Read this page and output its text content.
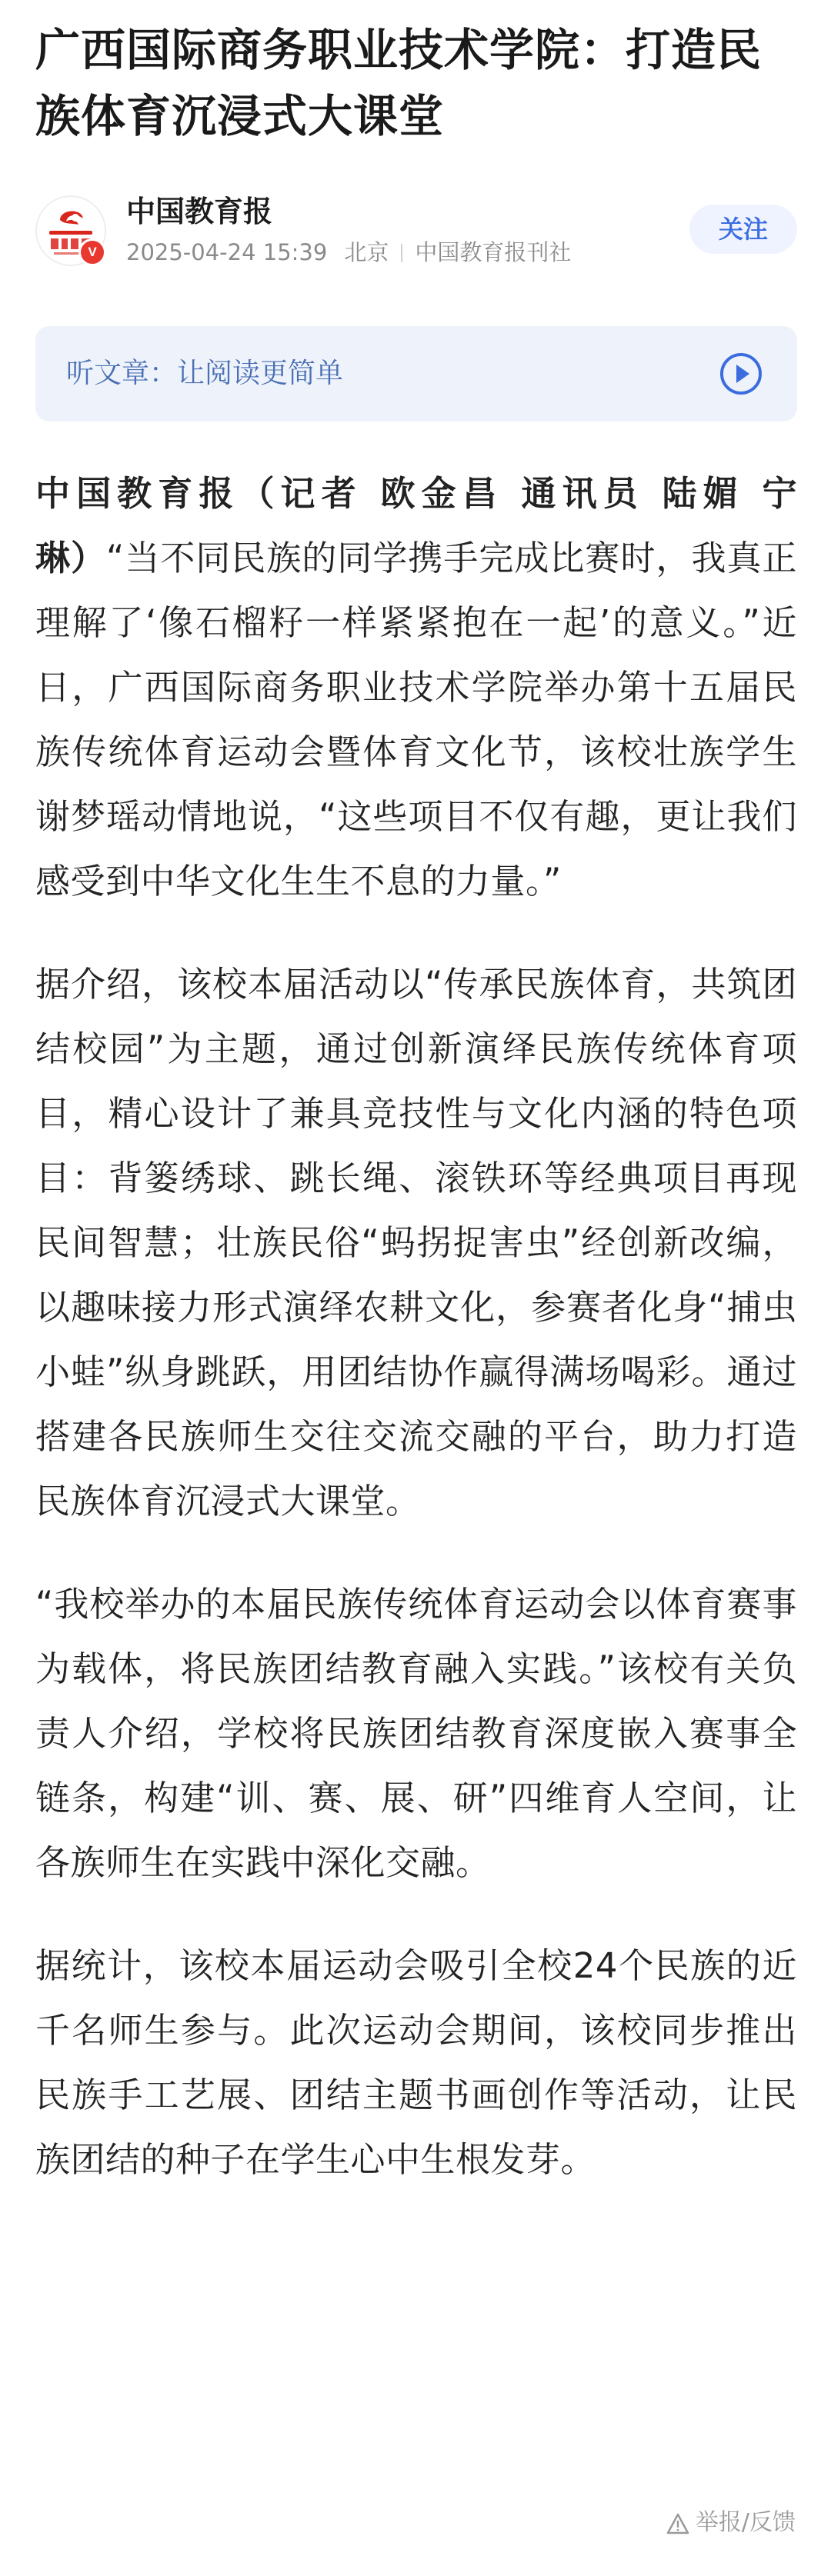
广西国际商务职业技术学院：打造民族体育沉浸式大课堂
V
中国教育报
2025-04-24 15:39 北京 中国教育报刊社
关注
听文章：让阅读更简单

中国教育报（记者 欧金昌 通讯员 陆媚 宁琳）“当不同民族的同学携手完成比赛时，我真正理解了‘像石榴籽一样紧紧抱在一起’的意义。”近日，广西国际商务职业技术学院举办第十五届民族传统体育运动会暨体育文化节，该校壮族学生谢梦瑶动情地说，“这些项目不仅有趣，更让我们感受到中华文化生生不息的力量。”

据介绍，该校本届活动以“传承民族体育，共筑团结校园”为主题，通过创新演绎民族传统体育项目，精心设计了兼具竞技性与文化内涵的特色项目：背篓绣球、跳长绳、滚铁环等经典项目再现民间智慧；壮族民俗“蚂拐捉害虫”经创新改编，以趣味接力形式演绎农耕文化，参赛者化身“捕虫小蛙”纵身跳跃，用团结协作赢得满场喝彩。通过搭建各民族师生交往交流交融的平台，助力打造民族体育沉浸式大课堂。

“我校举办的本届民族传统体育运动会以体育赛事为载体，将民族团结教育融入实践。”该校有关负责人介绍，学校将民族团结教育深度嵌入赛事全链条，构建“训、赛、展、研”四维育人空间，让各族师生在实践中深化交融。

据统计，该校本届运动会吸引全校24个民族的近千名师生参与。此次运动会期间，该校同步推出民族手工艺展、团结主题书画创作等活动，让民族团结的种子在学生心中生根发芽。

举报/反馈
